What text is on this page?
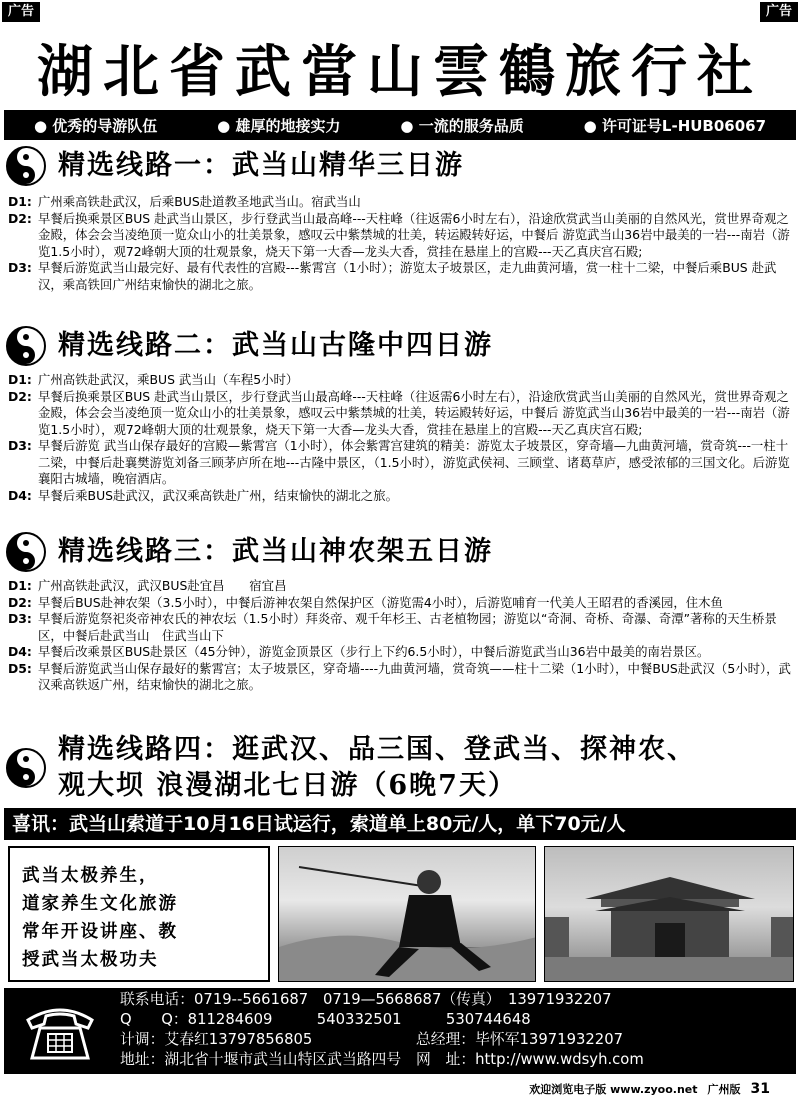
广告	广告
湖北省武當山雲鶴旅行社
● 优秀的导游队伍	● 雄厚的地接实力	● 一流的服务品质	● 许可证号L-HUB06067
精选线路一：武当山精华三日游
D1: 广州乘高铁赴武汉，后乘BUS赴道教圣地武当山。宿武当山
D2: 早餐后换乘景区BUS 赴武当山景区，步行登武当山最高峰---天柱峰（往返需6小时左右），沿途欣赏武当山美丽的自然风光，赏世界奇观之金殿，体会会当凌绝顶一览众山小的壮美景象，感叹云中紫禁城的壮美，转运殿转好运，中餐后 游览武当山36岩中最美的一岩---南岩（游览1.5小时），观72峰朝大顶的壮观景象，烧天下第一大香—龙头大香，赏挂在悬崖上的宫殿---天乙真庆宫石殿;
D3: 早餐后游览武当山最完好、最有代表性的宫殿---紫霄宫（1小时）；游览太子坡景区，走九曲黄河墙，赏一柱十二梁，中餐后乘BUS 赴武汉，乘高铁回广州结束愉快的湖北之旅。
精选线路二：武当山古隆中四日游
D1: 广州高铁赴武汉，乘BUS 武当山（车程5小时）
D2: 早餐后换乘景区BUS 赴武当山景区，步行登武当山最高峰---天柱峰（往返需6小时左右），沿途欣赏武当山美丽的自然风光，赏世界奇观之金殿，体会会当凌绝顶一览众山小的壮美景象，感叹云中紫禁城的壮美，转运殿转好运，中餐后 游览武当山36岩中最美的一岩---南岩（游览1.5小时），观72峰朝大顶的壮观景象，烧天下第一大香—龙头大香，赏挂在悬崖上的宫殿---天乙真庆宫石殿;
D3: 早餐后游览 武当山保存最好的宫殿—紫霄宫（1小时），体会紫霄宫建筑的精美：游览太子坡景区，穿奇墙—九曲黄河墙，赏奇筑---一柱十二梁，中餐后赴襄樊游览刘备三顾茅庐所在地---古隆中景区，（1.5小时），游览武侯祠、三顾堂、诸葛草庐，感受浓郁的三国文化。后游览襄阳古城墙，晚宿酒店。
D4: 早餐后乘BUS赴武汉，武汉乘高铁赴广州，结束愉快的湖北之旅。
精选线路三：武当山神农架五日游
D1: 广州高铁赴武汉，武汉BUS赴宜昌　　宿宜昌
D2: 早餐后BUS赴神农架（3.5小时），中餐后游神农架自然保护区（游览需4小时），后游览哺育一代美人王昭君的香溪园，住木鱼
D3: 早餐后游览祭祀炎帝神农氏的神农坛（1.5小时）拜炎帝、观千年杉王、古老植物园；游览以“奇洞、奇桥、奇瀑、奇潭”著称的天生桥景区，中餐后赴武当山　住武当山下
D4: 早餐后改乘景区BUS赴景区（45分钟），游览金顶景区（步行上下约6.5小时），中餐后游览武当山36岩中最美的南岩景区。
D5: 早餐后游览武当山保存最好的紫霄宫；太子坡景区，穿奇墙----九曲黄河墙，赏奇筑——柱十二梁（1小时），中餐BUS赴武汉（5小时），武汉乘高铁返广州，结束愉快的湖北之旅。
精选线路四：逛武汉、品三国、登武当、探神农、
观大坝 浪漫湖北七日游（6晚7天）
喜讯：武当山索道于10月16日试运行，索道单上80元/人，单下70元/人
武当太极养生，
道家养生文化旅游
常年开设讲座、教
授武当太极功夫
联系电话：0719--5661687　0719—5668687（传真）　13971932207
Q　　Q：811284609　　　540332501　　　530744648
计调：艾春红13797856805　　　　　　　总经理：毕怀军13971932207
地址：湖北省十堰市武当山特区武当路四号　网　址：http://www.wdsyh.com
欢迎浏览电子版 www.zyoo.net 广州版 31
